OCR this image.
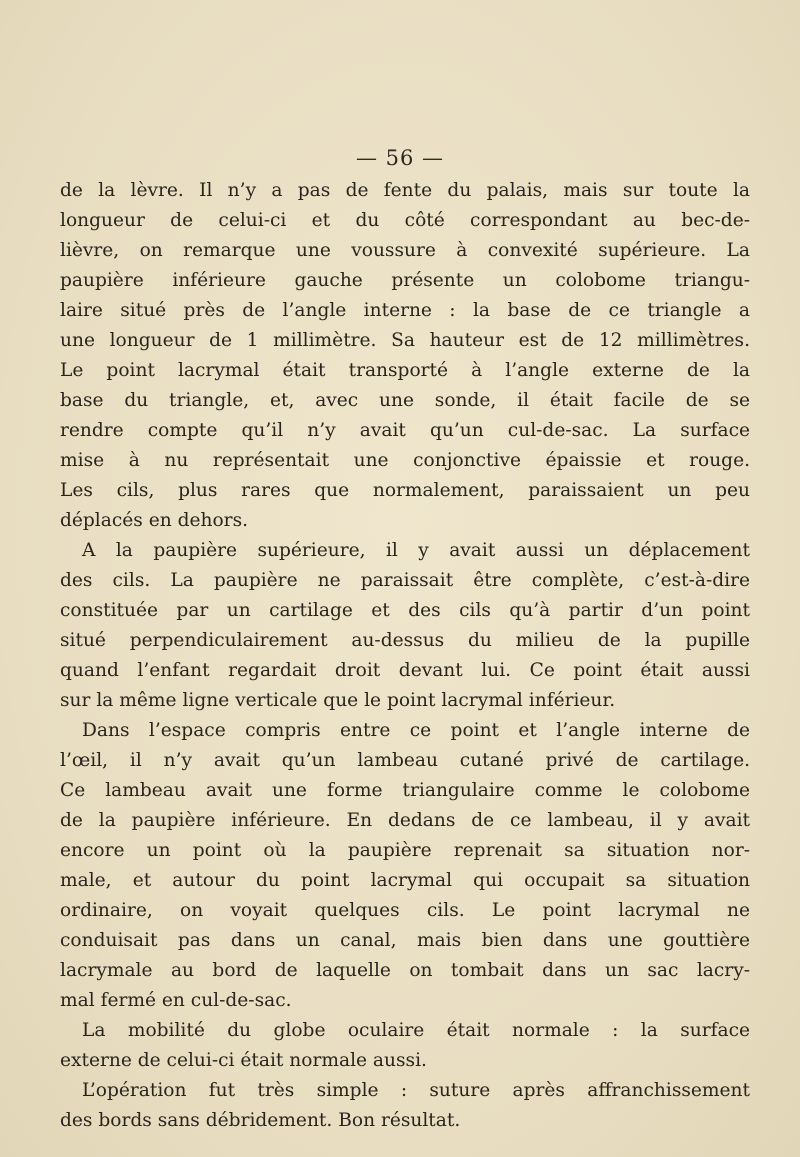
— 56 —
de la lèvre. Il n’y a pas de fente du palais, mais sur toute la
longueur de celui-ci et du côté correspondant au bec-de-
lièvre, on remarque une voussure à convexité supérieure. La
paupière inférieure gauche présente un colobome triangu-
laire situé près de l’angle interne : la base de ce triangle a
une longueur de 1 millimètre. Sa hauteur est de 12 millimètres.
Le point lacrymal était transporté à l’angle externe de la
base du triangle, et, avec une sonde, il était facile de se
rendre compte qu’il n’y avait qu’un cul-de-sac. La surface
mise à nu représentait une conjonctive épaissie et rouge.
Les cils, plus rares que normalement, paraissaient un peu
déplacés en dehors.
A la paupière supérieure, il y avait aussi un déplacement
des cils. La paupière ne paraissait être complète, c’est-à-dire
constituée par un cartilage et des cils qu’à partir d’un point
situé perpendiculairement au-dessus du milieu de la pupille
quand l’enfant regardait droit devant lui. Ce point était aussi
sur la même ligne verticale que le point lacrymal inférieur.
Dans l’espace compris entre ce point et l’angle interne de
l’œil, il n’y avait qu’un lambeau cutané privé de cartilage.
Ce lambeau avait une forme triangulaire comme le colobome
de la paupière inférieure. En dedans de ce lambeau, il y avait
encore un point où la paupière reprenait sa situation nor-
male, et autour du point lacrymal qui occupait sa situation
ordinaire, on voyait quelques cils. Le point lacrymal ne
conduisait pas dans un canal, mais bien dans une gouttière
lacrymale au bord de laquelle on tombait dans un sac lacry-
mal fermé en cul-de-sac.
La mobilité du globe oculaire était normale : la surface
externe de celui-ci était normale aussi.
L’opération fut très simple : suture après affranchissement
des bords sans débridement. Bon résultat.
